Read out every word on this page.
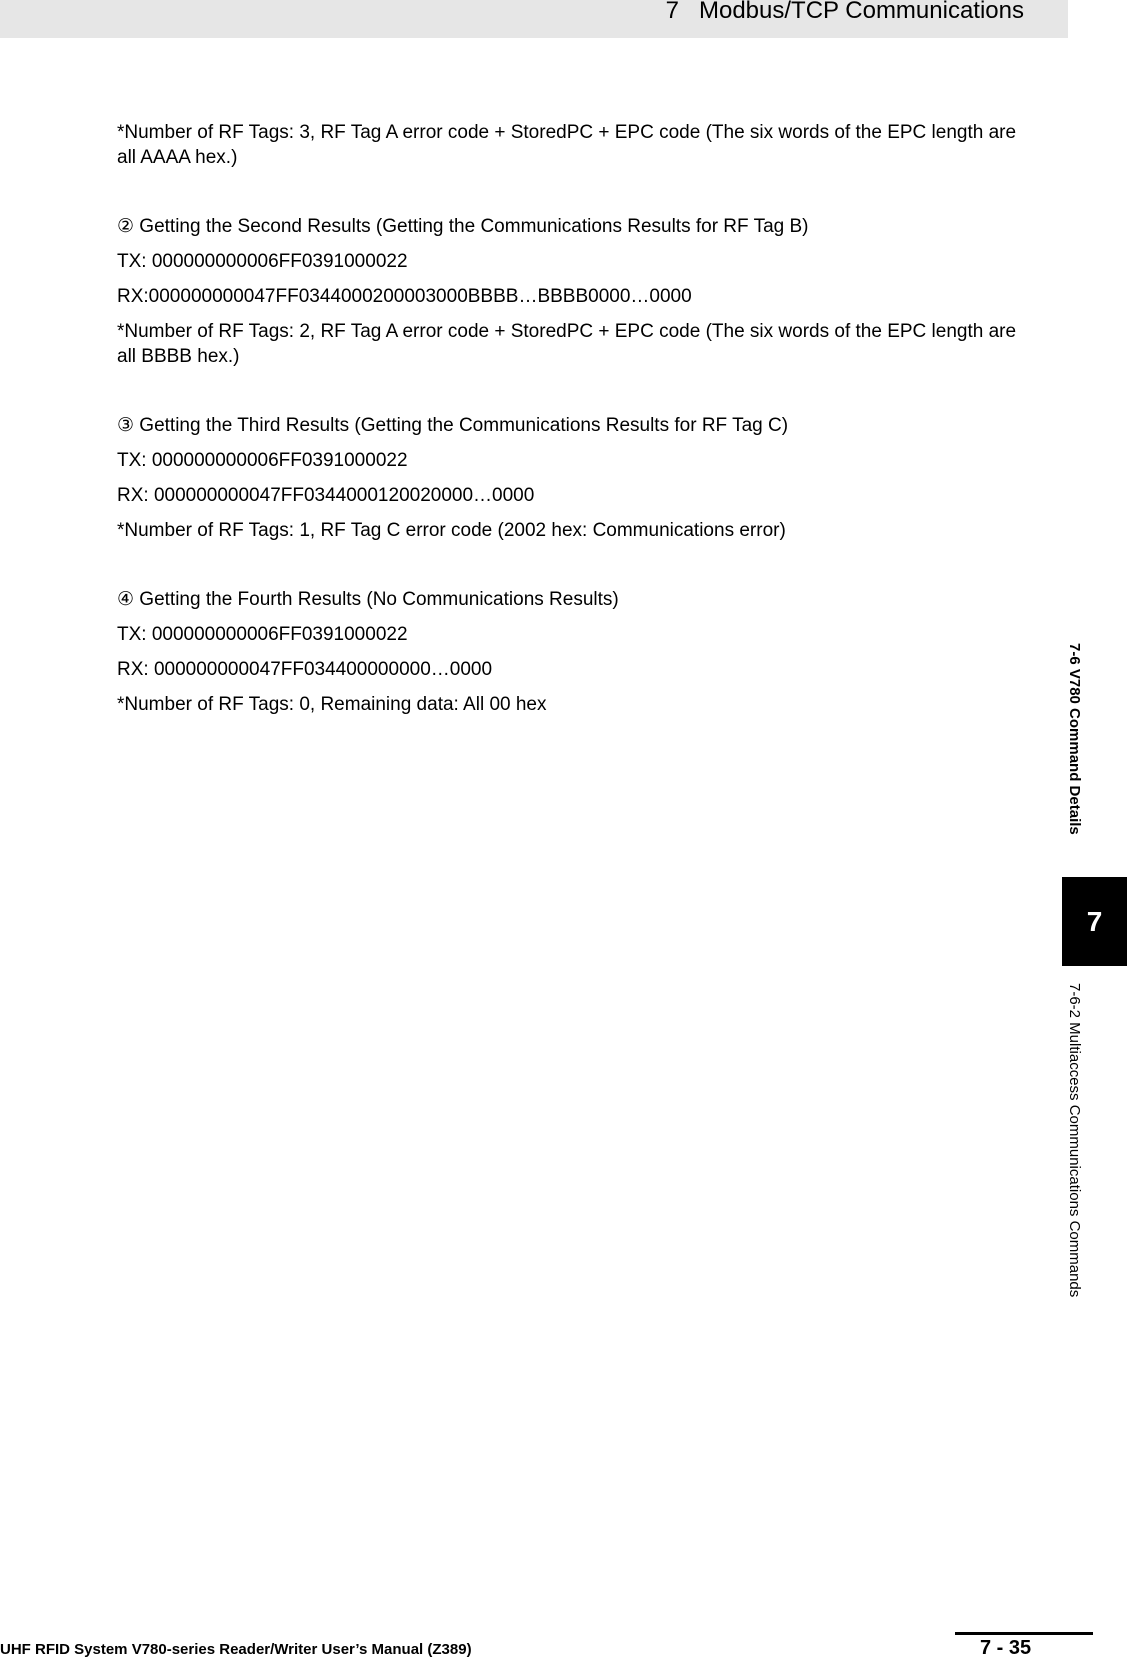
7   Modbus/TCP Communications

*Number of RF Tags: 3, RF Tag A error code + StoredPC + EPC code (The six words of the EPC length are all AAAA hex.)

② Getting the Second Results (Getting the Communications Results for RF Tag B)

TX: 000000000006FF0391000022

RX:000000000047FF0344000200003000BBBB…BBBB0000…0000

*Number of RF Tags: 2, RF Tag A error code + StoredPC + EPC code (The six words of the EPC length are all BBBB hex.)

③ Getting the Third Results (Getting the Communications Results for RF Tag C)

TX: 000000000006FF0391000022

RX: 000000000047FF0344000120020000…0000

*Number of RF Tags: 1, RF Tag C error code (2002 hex: Communications error)

④ Getting the Fourth Results (No Communications Results)

TX: 000000000006FF0391000022

RX: 000000000047FF034400000000…0000

*Number of RF Tags: 0, Remaining data: All 00 hex	7-6 V780 Command Details
7
7-6-2 Multiaccess Communications Commands
UHF RFID System V780-series Reader/Writer User’s Manual (Z389)	7 - 35
